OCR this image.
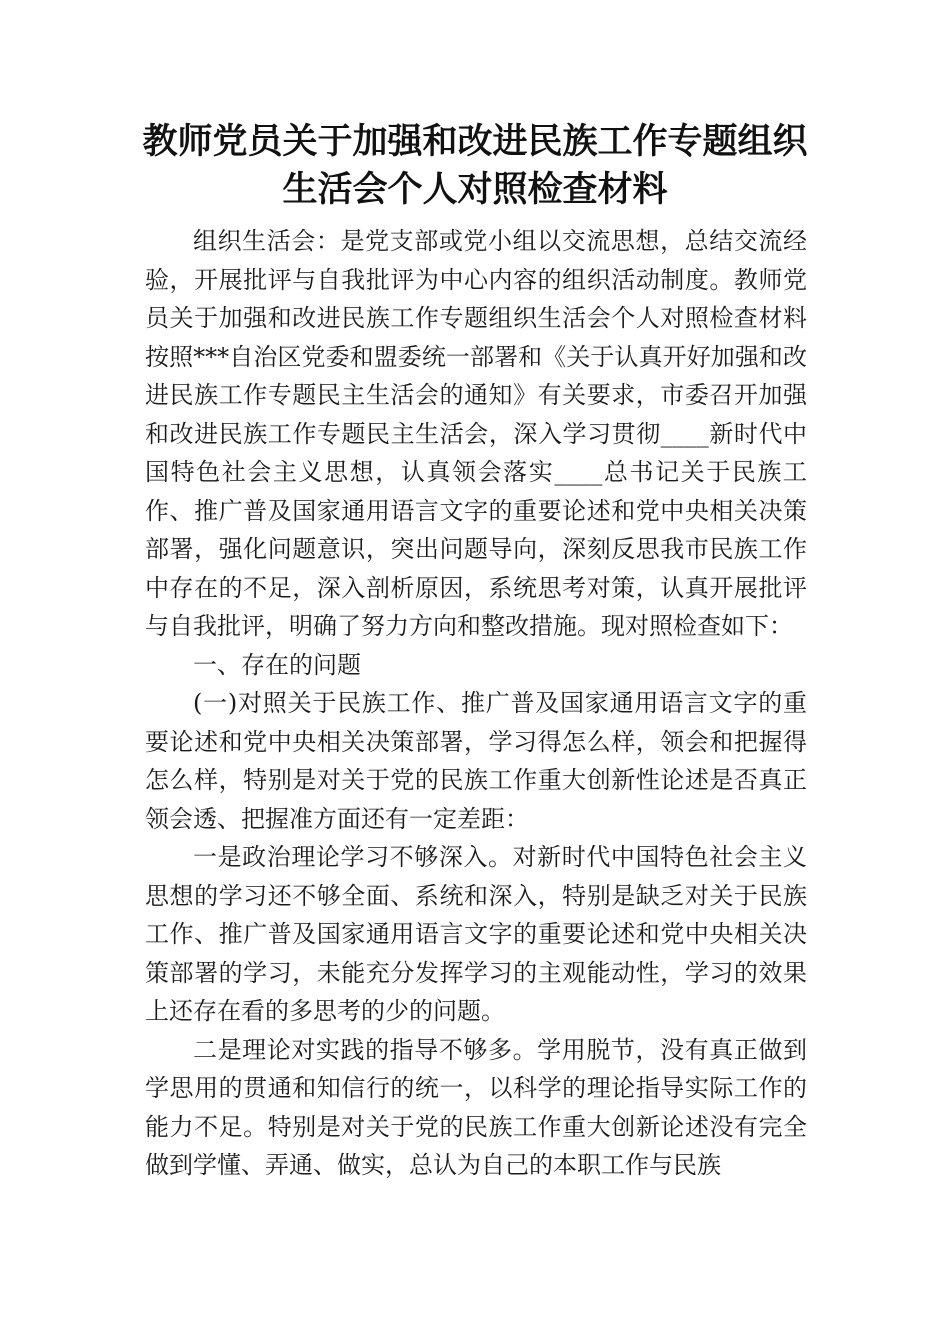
教师党员关于加强和改进民族工作专题组织
生活会个人对照检查材料

组织生活会：是党支部或党小组以交流思想，总结交流经验，开展批评与自我批评为中心内容的组织活动制度。教师党员关于加强和改进民族工作专题组织生活会个人对照检查材料按照***自治区党委和盟委统一部署和《关于认真开好加强和改进民族工作专题民主生活会的通知》有关要求，市委召开加强和改进民族工作专题民主生活会，深入学习贯彻____新时代中国特色社会主义思想，认真领会落实____总书记关于民族工作、推广普及国家通用语言文字的重要论述和党中央相关决策部署，强化问题意识，突出问题导向，深刻反思我市民族工作中存在的不足，深入剖析原因，系统思考对策，认真开展批评与自我批评，明确了努力方向和整改措施。现对照检查如下：

一、存在的问题

(一)对照关于民族工作、推广普及国家通用语言文字的重要论述和党中央相关决策部署，学习得怎么样，领会和把握得怎么样，特别是对关于党的民族工作重大创新性论述是否真正领会透、把握准方面还有一定差距：

一是政治理论学习不够深入。对新时代中国特色社会主义思想的学习还不够全面、系统和深入，特别是缺乏对关于民族工作、推广普及国家通用语言文字的重要论述和党中央相关决策部署的学习，未能充分发挥学习的主观能动性，学习的效果上还存在看的多思考的少的问题。

二是理论对实践的指导不够多。学用脱节，没有真正做到学思用的贯通和知信行的统一，以科学的理论指导实际工作的能力不足。特别是对关于党的民族工作重大创新论述没有完全做到学懂、弄通、做实，总认为自己的本职工作与民族
